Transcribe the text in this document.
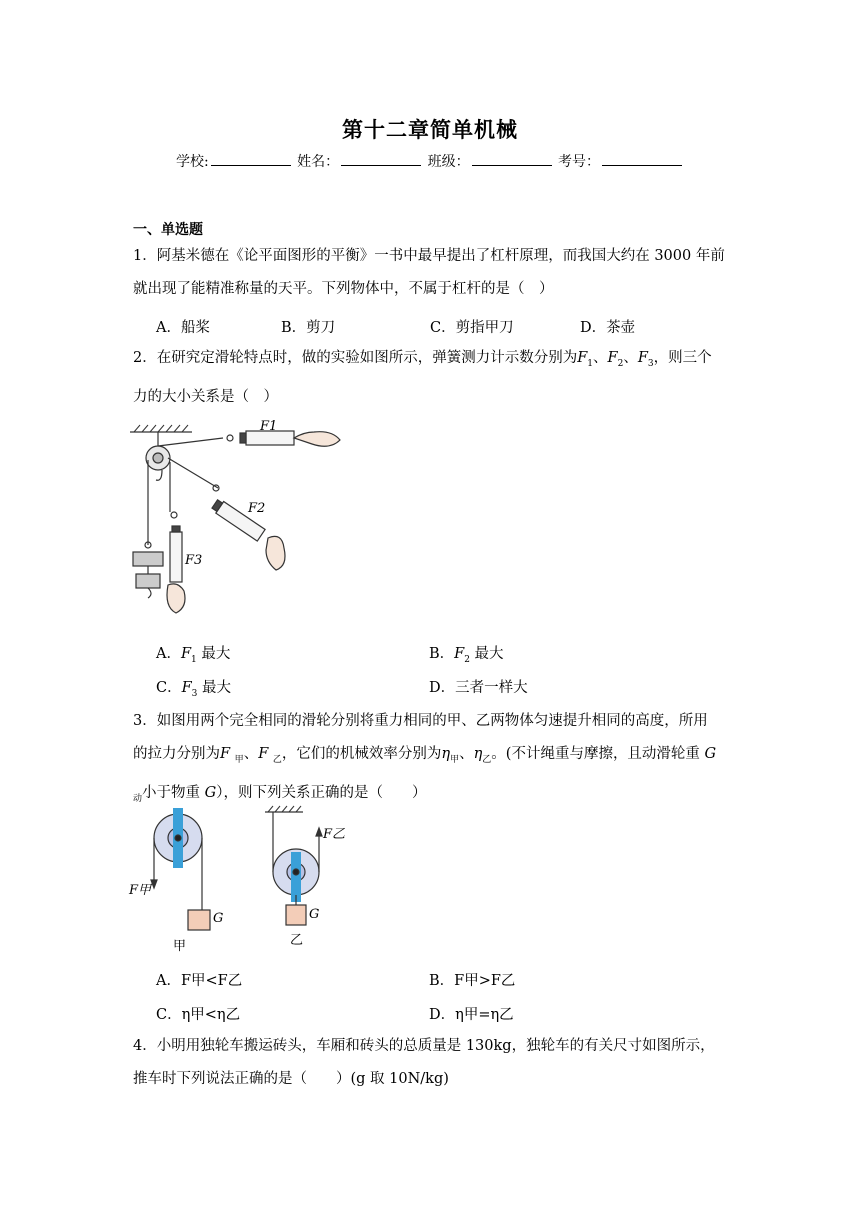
第十二章简单机械
学校:	姓名：	班级：	考号：
一、单选题
1．阿基米德在《论平面图形的平衡》一书中最早提出了杠杆原理，而我国大约在 3000 年前
就出现了能精准称量的天平。下列物体中，不属于杠杆的是（　）
A．船桨	B．剪刀	C．剪指甲刀	D．茶壶
2．在研究定滑轮特点时，做的实验如图所示，弹簧测力计示数分别为$F_1$、$F_2$、$F_3$，则三个
力的大小关系是（　）
F1
F2
F3
A．$F_1$ 最大	B．$F_2$ 最大
C．$F_3$ 最大	D．三者一样大
3．如图用两个完全相同的滑轮分别将重力相同的甲、乙两物体匀速提升相同的高度，所用
的拉力分别为F $_甲$、F $_乙$，它们的机械效率分别为$\eta_甲$、$\eta_乙$。(不计绳重与摩擦，且动滑轮重 G
$_动$小于物重 G），则下列关系正确的是（　　）
F甲
G
甲
F乙
G
乙
A．F甲<F乙	B．F甲>F乙
C．η甲<η乙	D．η甲=η乙
4．小明用独轮车搬运砖头，车厢和砖头的总质量是 130kg，独轮车的有关尺寸如图所示，
推车时下列说法正确的是（　　）(g 取 10N/kg)
